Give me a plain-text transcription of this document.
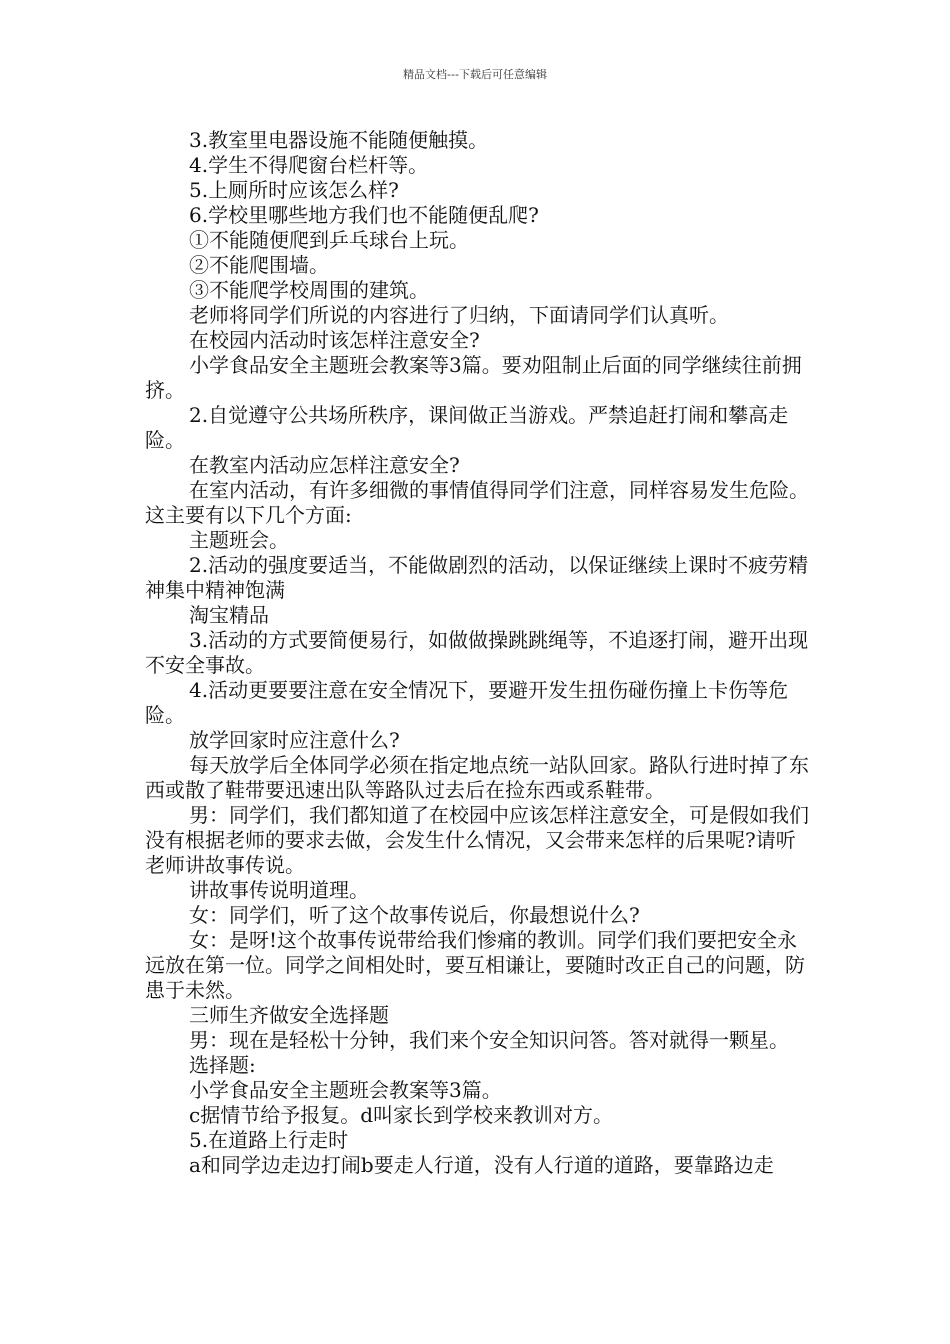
精品文档---下载后可任意编辑

3.教室里电器设施不能随便触摸。

4.学生不得爬窗台栏杆等。

5.上厕所时应该怎么样?

6.学校里哪些地方我们也不能随便乱爬?

①不能随便爬到乒乓球台上玩。

②不能爬围墙。

③不能爬学校周围的建筑。

老师将同学们所说的内容进行了归纳，下面请同学们认真听。

在校园内活动时该怎样注意安全?

小学食品安全主题班会教案等3篇。要劝阻制止后面的同学继续往前拥挤。

2.自觉遵守公共场所秩序，课间做正当游戏。严禁追赶打闹和攀高走险。

在教室内活动应怎样注意安全?

在室内活动，有许多细微的事情值得同学们注意，同样容易发生危险。这主要有以下几个方面:

主题班会。

2.活动的强度要适当，不能做剧烈的活动，以保证继续上课时不疲劳精神集中精神饱满

淘宝精品

3.活动的方式要简便易行，如做做操跳跳绳等，不追逐打闹，避开出现不安全事故。

4.活动更要要注意在安全情况下，要避开发生扭伤碰伤撞上卡伤等危险。

放学回家时应注意什么?

每天放学后全体同学必须在指定地点统一站队回家。路队行进时掉了东西或散了鞋带要迅速出队等路队过去后在捡东西或系鞋带。

男：同学们，我们都知道了在校园中应该怎样注意安全，可是假如我们没有根据老师的要求去做，会发生什么情况，又会带来怎样的后果呢?请听老师讲故事传说。

讲故事传说明道理。

女：同学们，听了这个故事传说后，你最想说什么?

女：是呀!这个故事传说带给我们惨痛的教训。同学们我们要把安全永远放在第一位。同学之间相处时，要互相谦让，要随时改正自己的问题，防患于未然。

三师生齐做安全选择题

男：现在是轻松十分钟，我们来个安全知识问答。答对就得一颗星。

选择题:

小学食品安全主题班会教案等3篇。

c据情节给予报复。d叫家长到学校来教训对方。

5.在道路上行走时

a和同学边走边打闹b要走人行道，没有人行道的道路，要靠路边走
